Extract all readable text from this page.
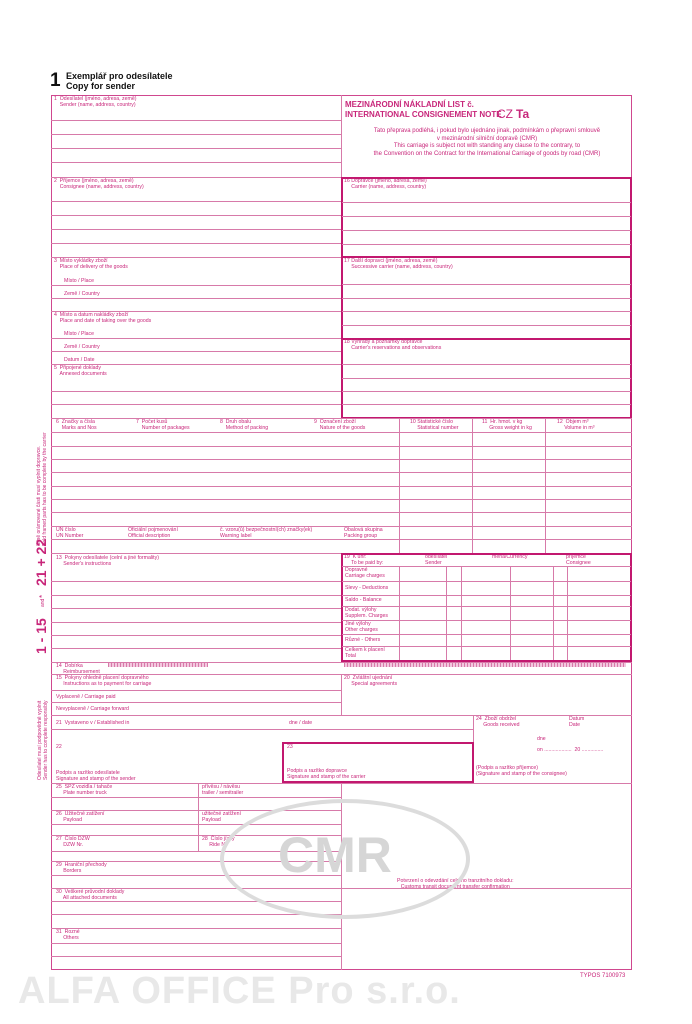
1 Exemplář pro odesílatele
Copy for sender
MEZINÁRODNÍ NÁKLADNÍ LIST č.
INTERNATIONAL CONSIGNEMENT NOTE
CZ Ta
Tato přeprava podléhá, i pokud bylo ujednáno jinak, podmínkám o přepravní smlouvě
v mezinárodní silniční dopravě (CMR)
This carriage is subject not with standing any clause to the contrary, to
the Convention on the Contract for the International Carriage of goods by road (CMR)
1  Odesílatel (jméno, adresa, země)
Sender (name, address, country)
2  Příjemce (jméno, adresa, země)
Consignee (name, address, country)
3  Místo vykládky zboží
Place of delivery of the goods
Místo / Place
Země / Country
4  Místo a datum nakládky zboží
Place and date of taking over the goods
Místo / Place
Země / Country
Datum / Date
5  Připojené doklady
Annexed documents
16 Dopravce (jméno, adresa, země)
Carrier (name, address, country)
17 Další dopravci (jméno, adresa, země)
Successive carrier (name, address, country)
18 Výhrady a poznámky dopravce
Carrier's reservations and observations
6  Značky a čísla
Marks and Nos
7  Počet kusů
Number of packages
8  Druh obalu
Method of packing
9  Označení zboží
Nature of the goods
10 Statistické číslo
Statistical number
11  Hr. hmot. v kg
Gross weight in kg
12  Objem m³
Volume in m³
UN číslo
UN Number
Oficiální pojmenování
Official description
č. vzoru(ů) bezpečnostní(ch) značky(ek)
Warning label
Obalová skupina
Packing group
13  Pokyny odesílatele (celní a jiné formality)
Sender's instructions
19  K úhr:
To be paid by:
odesílatel
Sender
měna/Currency	příjemce
Consignee
Dopravné
Carriage charges
Slevy - Deductions
Saldo - Balance
Dodat. výlohy
Supplem. Charges
Jiné výlohy
Other charges
Různé - Others
Celkem k placení
Total
14  Dobírka
Reimbursement
15  Pokyny ohledně placení dopravného
Instructions as to payment for carriage
20  Zvláštní ujednání
Special agreements
Vyplaceně / Carriage paid
Nevyplaceně / Carriage forward
21  Vystaveno v / Established in	dne / date
24  Zboží obdržel
Goods received
Datum
Date
dne
on ...................  20 ...............
22
Podpis a razítko odesílatele
Signature and stamp of the sender
23
Podpis a razítko dopravce
Signature and stamp of the carrier
(Podpis a razítko příjemce)
(Signature and stamp of the consignee)
25  SPZ vozidla / tahače
Plate number truck
přívěsu / návěsu
trailer / semitrailer
26  Užitečné zatížení
Payload
užitečné zatížení
Payload
27  Číslo DZW
DZW Nr.
28  Číslo jízdy
Ride Nr.
29  Hraniční přechody
Borders
30  Veškeré průvodní doklady
All attached documents
31  Rozné
Others
Potvrzení o odevzdání celního tranzitního dokladu:
Customs transit document transfer confirmation
CMR
Silně orámované části musí vyplnit dopravce.
Bold framed parts has to be complete by the carrier
1 - 15
*
and
21 + 22
Odesílatel musí podpovědně vyplnit
Sender has to complete responsibly
TYPOS 7100973
ALFA OFFICE Pro s.r.o.
